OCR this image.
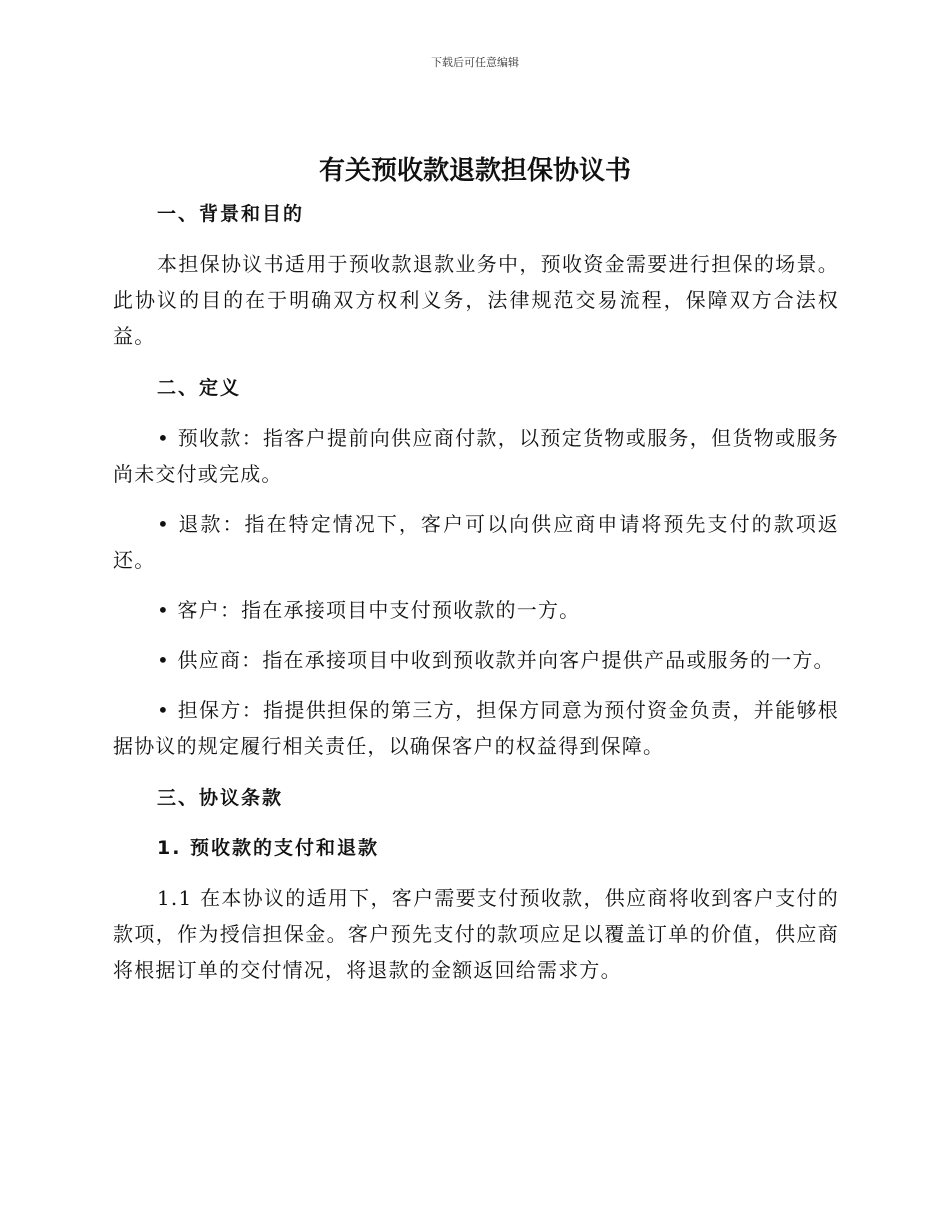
下载后可任意编辑
有关预收款退款担保协议书

一、背景和目的

本担保协议书适用于预收款退款业务中，预收资金需要进行担保的场景。此协议的目的在于明确双方权利义务，法律规范交易流程，保障双方合法权益。

二、定义

• 预收款：指客户提前向供应商付款，以预定货物或服务，但货物或服务尚未交付或完成。

• 退款：指在特定情况下，客户可以向供应商申请将预先支付的款项返还。

• 客户：指在承接项目中支付预收款的一方。

• 供应商：指在承接项目中收到预收款并向客户提供产品或服务的一方。

• 担保方：指提供担保的第三方，担保方同意为预付资金负责，并能够根据协议的规定履行相关责任，以确保客户的权益得到保障。

三、协议条款

1. 预收款的支付和退款

1.1 在本协议的适用下，客户需要支付预收款，供应商将收到客户支付的款项，作为授信担保金。客户预先支付的款项应足以覆盖订单的价值，供应商将根据订单的交付情况，将退款的金额返回给需求方。
